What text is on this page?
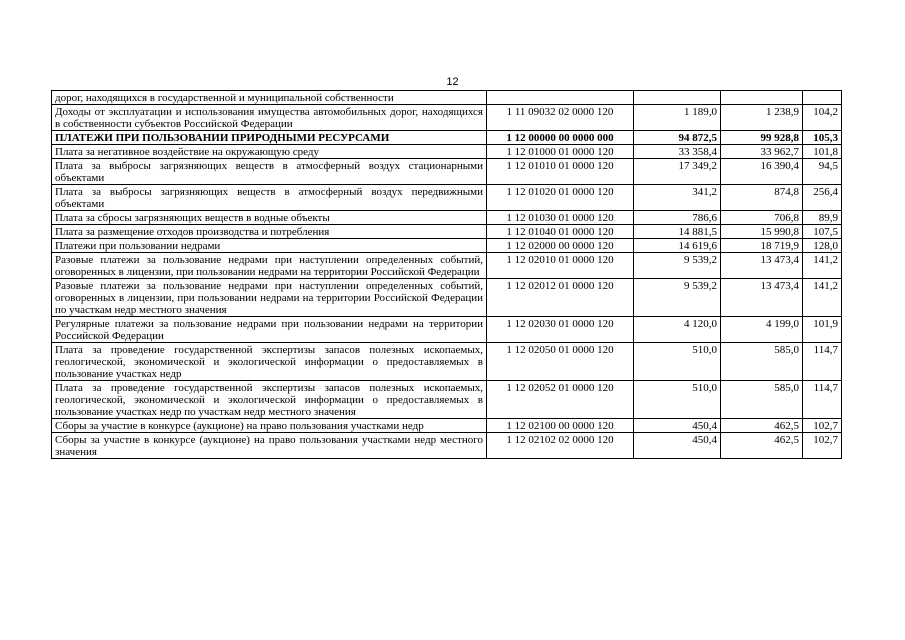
12
дорог, находящихся в государственной и муниципальной собственности				
Доходы от эксплуатации и использования имущества автомобильных дорог, находящихся в собственности субъектов Российской Федерации	1 11 09032 02 0000 120	1 189,0	1 238,9	104,2
ПЛАТЕЖИ ПРИ ПОЛЬЗОВАНИИ ПРИРОДНЫМИ РЕСУРСАМИ	1 12 00000 00 0000 000	94 872,5	99 928,8	105,3
Плата за негативное воздействие на окружающую среду	1 12 01000 01 0000 120	33 358,4	33 962,7	101,8
Плата за выбросы загрязняющих веществ в атмосферный воздух стационарными объектами	1 12 01010 01 0000 120	17 349,2	16 390,4	94,5
Плата за выбросы загрязняющих веществ в атмосферный воздух передвижными объектами	1 12 01020 01 0000 120	341,2	874,8	256,4
Плата за сбросы загрязняющих веществ в водные объекты	1 12 01030 01 0000 120	786,6	706,8	89,9
Плата за размещение отходов производства и потребления	1 12 01040 01 0000 120	14 881,5	15 990,8	107,5
Платежи при пользовании недрами	1 12 02000 00 0000 120	14 619,6	18 719,9	128,0
Разовые платежи за пользование недрами при наступлении определенных событий, оговоренных в лицензии, при пользовании недрами на территории Российской Федерации	1 12 02010 01 0000 120	9 539,2	13 473,4	141,2
Разовые платежи за пользование недрами при наступлении определенных событий, оговоренных в лицензии, при пользовании недрами на территории Российской Федерации по участкам недр местного значения	1 12 02012 01 0000 120	9 539,2	13 473,4	141,2
Регулярные платежи за пользование недрами при пользовании недрами на территории Российской Федерации	1 12 02030 01 0000 120	4 120,0	4 199,0	101,9
Плата за проведение государственной экспертизы запасов полезных ископаемых, геологической, экономической и экологической информации о предоставляемых в пользование участках недр	1 12 02050 01 0000 120	510,0	585,0	114,7
Плата за проведение государственной экспертизы запасов полезных ископаемых, геологической, экономической и экологической информации о предоставляемых в пользование участках недр по участкам недр местного значения	1 12 02052 01 0000 120	510,0	585,0	114,7
Сборы за участие в конкурсе (аукционе) на право пользования участками недр	1 12 02100 00 0000 120	450,4	462,5	102,7
Сборы за участие в конкурсе (аукционе) на право пользования участками недр местного значения	1 12 02102 02 0000 120	450,4	462,5	102,7
